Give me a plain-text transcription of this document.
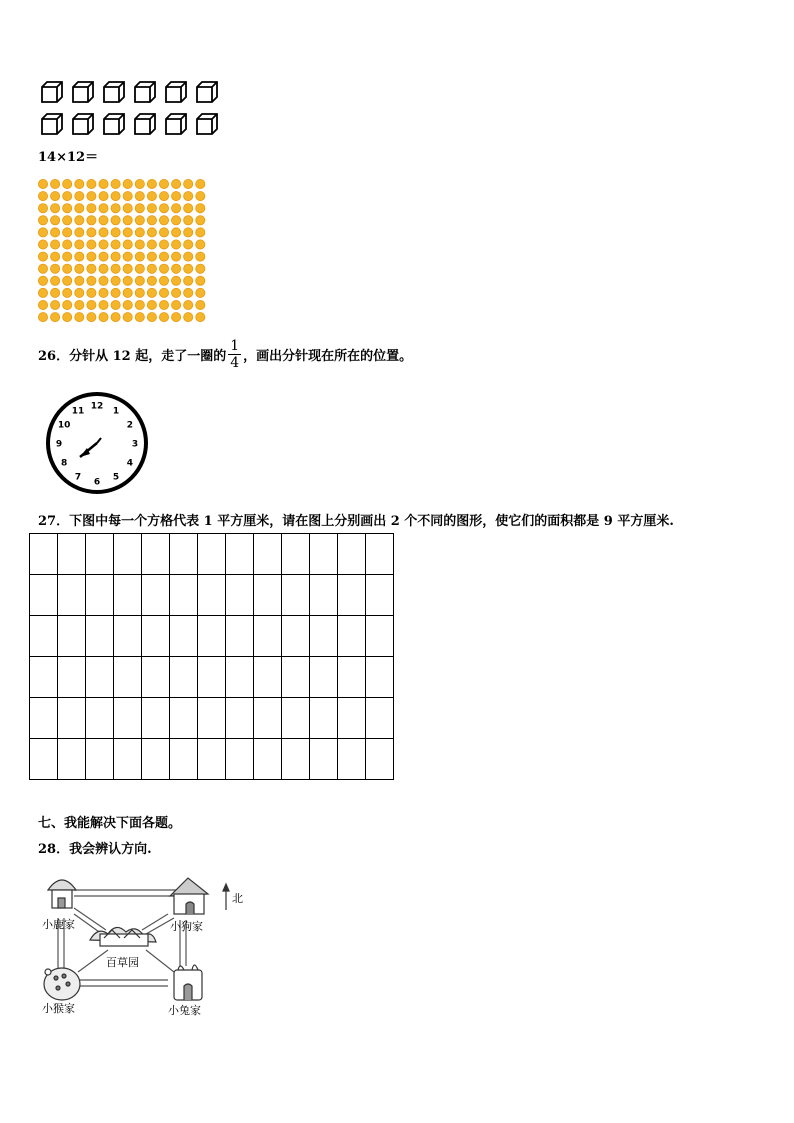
14×12＝
26．分针从 12 起，走了一圈的 $\frac{1}{4}$ ，画出分针现在所在的位置。
12
1
2
3
4
5
6
7
8
9
10
11
27．下图中每一个方格代表 1 平方厘米，请在图上分别画出 2 个不同的图形，使它们的面积都是 9 平方厘米.

七、我能解决下面各题。
28．我会辨认方向.
北
小鹿家	小狗家
百草园
小猴家	小兔家
